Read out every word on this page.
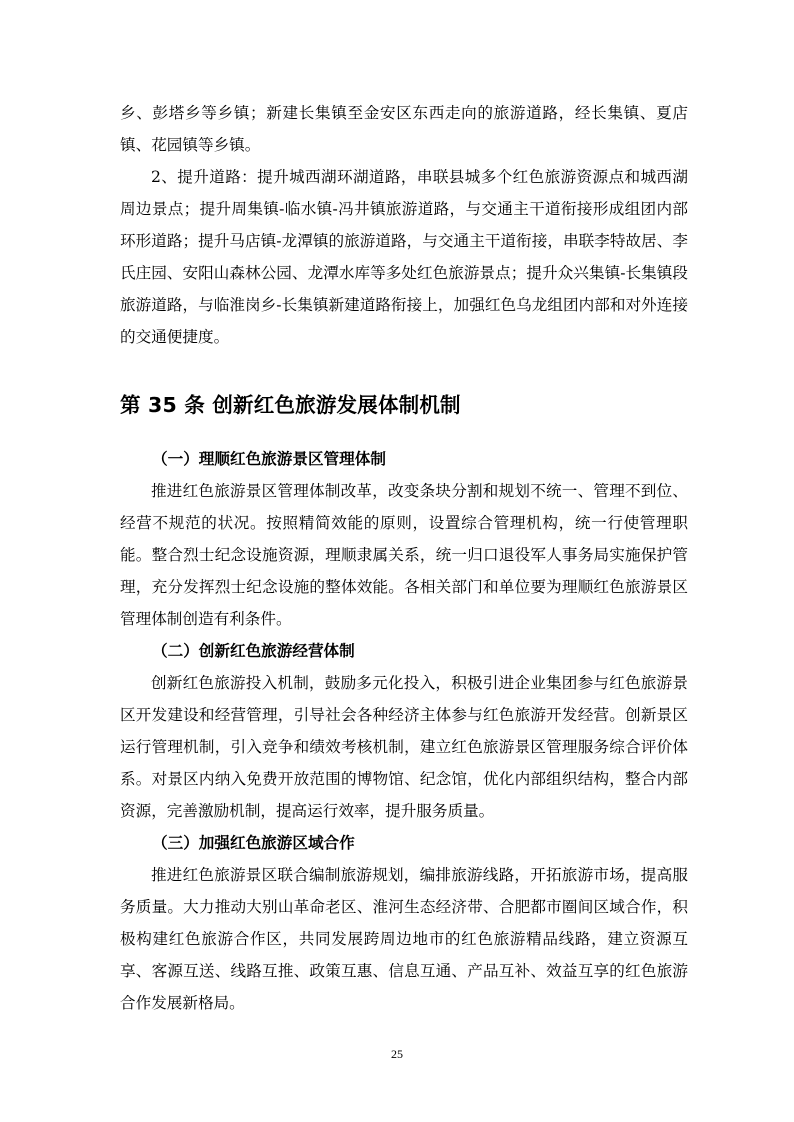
乡、彭塔乡等乡镇；新建长集镇至金安区东西走向的旅游道路，经长集镇、夏店镇、花园镇等乡镇。

2、提升道路：提升城西湖环湖道路，串联县城多个红色旅游资源点和城西湖周边景点；提升周集镇-临水镇-冯井镇旅游道路，与交通主干道衔接形成组团内部环形道路；提升马店镇-龙潭镇的旅游道路，与交通主干道衔接，串联李特故居、李氏庄园、安阳山森林公园、龙潭水库等多处红色旅游景点；提升众兴集镇-长集镇段旅游道路，与临淮岗乡-长集镇新建道路衔接上，加强红色乌龙组团内部和对外连接的交通便捷度。

第 35 条 创新红色旅游发展体制机制

（一）理顺红色旅游景区管理体制

推进红色旅游景区管理体制改革，改变条块分割和规划不统一、管理不到位、经营不规范的状况。按照精简效能的原则，设置综合管理机构，统一行使管理职能。整合烈士纪念设施资源，理顺隶属关系，统一归口退役军人事务局实施保护管理，充分发挥烈士纪念设施的整体效能。各相关部门和单位要为理顺红色旅游景区管理体制创造有利条件。

（二）创新红色旅游经营体制

创新红色旅游投入机制，鼓励多元化投入，积极引进企业集团参与红色旅游景区开发建设和经营管理，引导社会各种经济主体参与红色旅游开发经营。创新景区运行管理机制，引入竞争和绩效考核机制，建立红色旅游景区管理服务综合评价体系。对景区内纳入免费开放范围的博物馆、纪念馆，优化内部组织结构，整合内部资源，完善激励机制，提高运行效率，提升服务质量。

（三）加强红色旅游区域合作

推进红色旅游景区联合编制旅游规划，编排旅游线路，开拓旅游市场，提高服务质量。大力推动大别山革命老区、淮河生态经济带、合肥都市圈间区域合作，积极构建红色旅游合作区，共同发展跨周边地市的红色旅游精品线路，建立资源互享、客源互送、线路互推、政策互惠、信息互通、产品互补、效益互享的红色旅游合作发展新格局。

25
